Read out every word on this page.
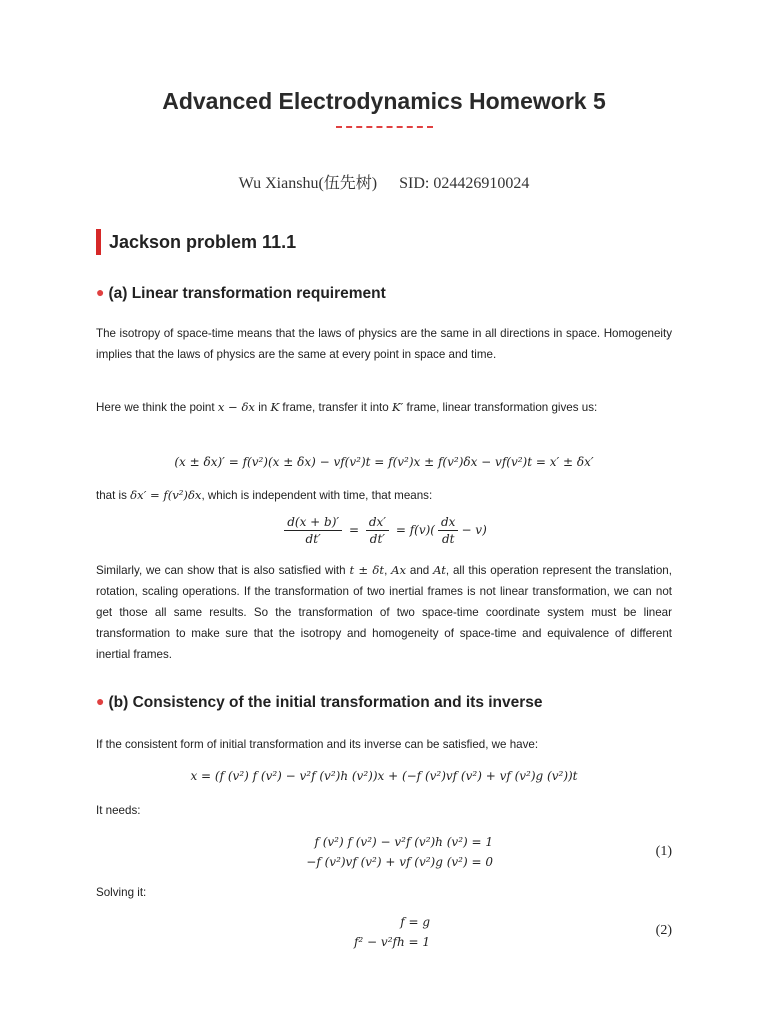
Advanced Electrodynamics Homework 5
Wu Xianshu(伍先树) SID: 024426910024
Jackson problem 11.1
● (a) Linear transformation requirement
The isotropy of space-time means that the laws of physics are the same in all directions in space. Homogeneity implies that the laws of physics are the same at every point in space and time.
Here we think the point x − δx in K frame, transfer it into K′ frame, linear transformation gives us:
(x ± δx)′ = f(v²)(x ± δx) − vf(v²)t = f(v²)x ± f(v²)δx − vf(v²)t = x′ ± δx′
that is δx′ = f(v²)δx, which is independent with time, that means:
$\frac{d(x + b)'}{dt'} = \frac{dx'}{dt'} = f(v)( \frac{dx}{dt} - v)$
Similarly, we can show that is also satisfied with t ± δt, Ax and At, all this operation represent the translation, rotation, scaling operations. If the transformation of two inertial frames is not linear transformation, we can not get those all same results. So the transformation of two space-time coordinate system must be linear transformation to make sure that the isotropy and homogeneity of space-time and equivalence of different inertial frames.
● (b) Consistency of the initial transformation and its inverse
If the consistent form of initial transformation and its inverse can be satisfied, we have:
x = (f (v²) f (v²) − v²f (v²)h (v²))x + (−f (v²)vf (v²) + vf (v²)g (v²))t
It needs:
f (v²) f (v²) − v²f (v²)h (v²) = 1
−f (v²)vf (v²) + vf (v²)g (v²) = 0
(1)
Solving it:
f = g
f² − v²fh = 1
(2)
